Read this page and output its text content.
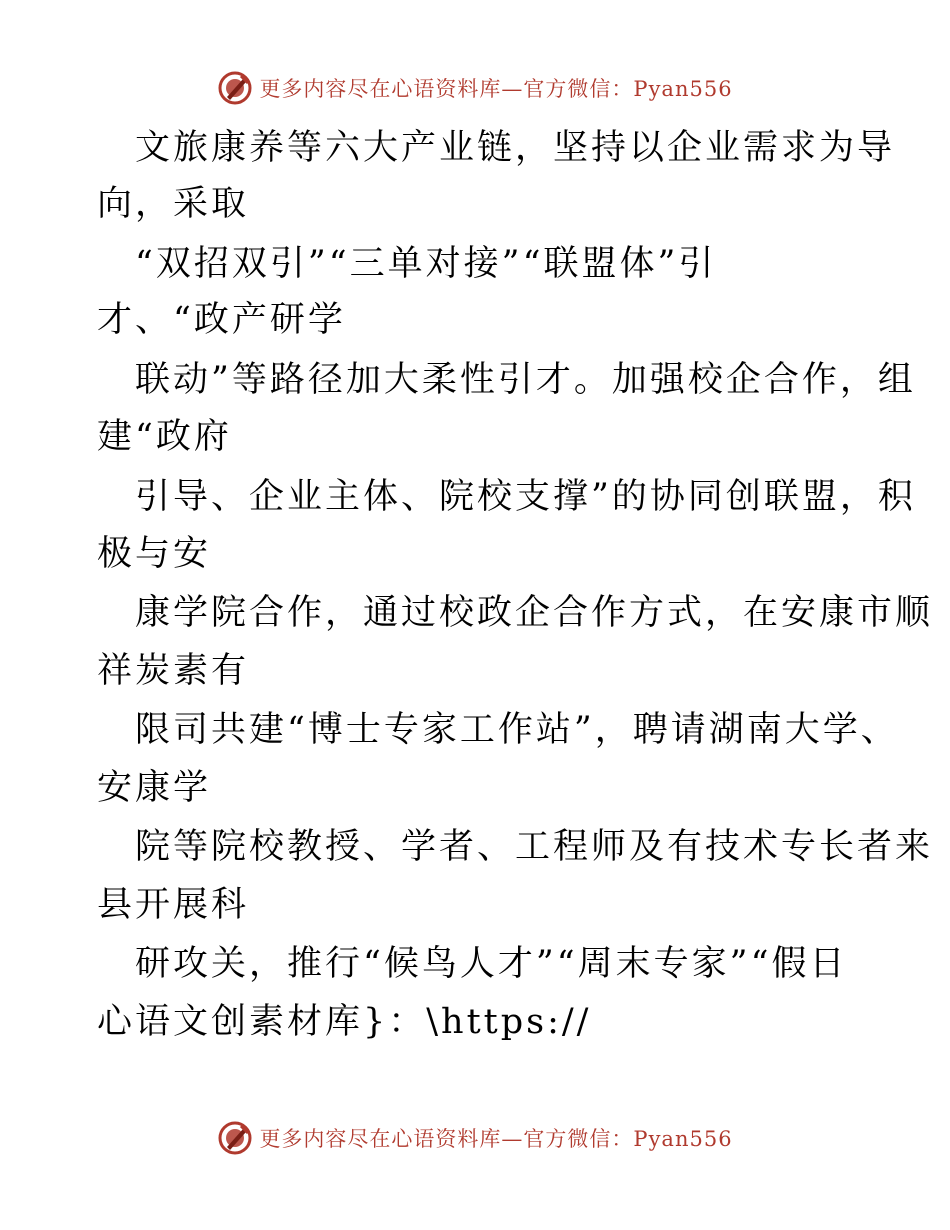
更多内容尽在心语资料库—官方微信：Pyan556
文旅康养等六大产业链，坚持以企业需求为导
向，采取
“双招双引”“三单对接”“联盟体”引
才、“政产研学
联动”等路径加大柔性引才。加强校企合作，组
建“政府
引导、企业主体、院校支撑”的协同创联盟，积
极与安
康学院合作，通过校政企合作方式，在安康市顺
祥炭素有
限司共建“博士专家工作站”，聘请湖南大学、
安康学
院等院校教授、学者、工程师及有技术专长者来
县开展科
研攻关，推行“候鸟人才”“周末专家”“假日
心语文创素材库}：\https://
更多内容尽在心语资料库—官方微信：Pyan556
